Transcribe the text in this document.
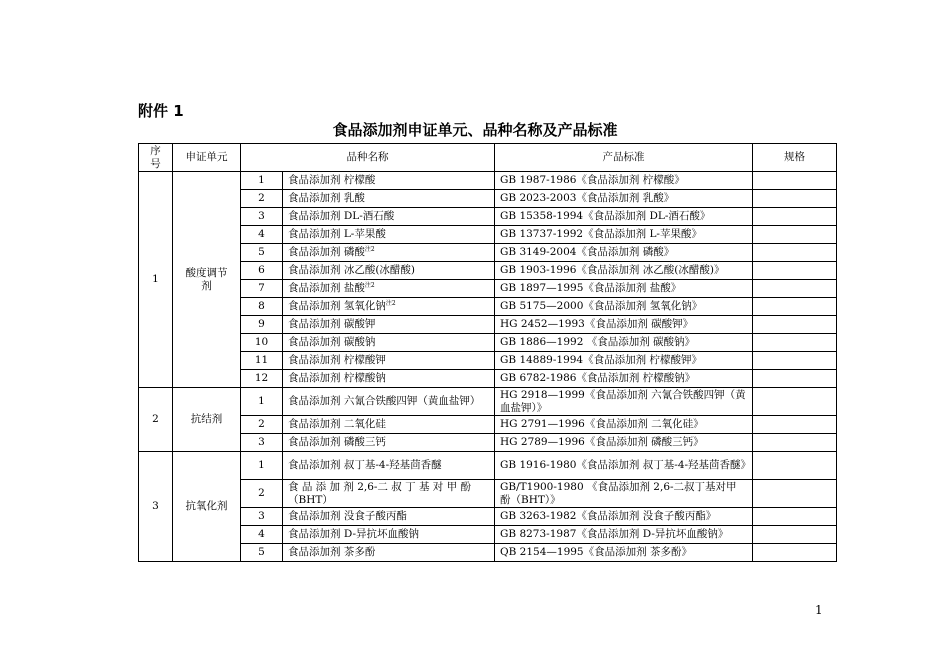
附件 1
食品添加剂申证单元、品种名称及产品标准
序号	申证单元	品种名称		产品标准	规格
1	酸度调节剂	1	食品添加剂 柠檬酸	GB 1987-1986《食品添加剂 柠檬酸》	
		2	食品添加剂 乳酸	GB 2023-2003《食品添加剂 乳酸》	
		3	食品添加剂 DL-酒石酸	GB 15358-1994《食品添加剂 DL-酒石酸》	
		4	食品添加剂 L-苹果酸	GB 13737-1992《食品添加剂 L-苹果酸》	
		5	食品添加剂 磷酸$^{注2}$	GB 3149-2004《食品添加剂 磷酸》	
		6	食品添加剂 冰乙酸(冰醋酸)	GB 1903-1996《食品添加剂 冰乙酸(冰醋酸)》	
		7	食品添加剂 盐酸$^{注2}$	GB 1897—1995《食品添加剂 盐酸》	
		8	食品添加剂 氢氧化钠$^{注2}$	GB 5175—2000《食品添加剂 氢氧化钠》	
		9	食品添加剂 碳酸钾	HG 2452—1993《食品添加剂 碳酸钾》	
		10	食品添加剂 碳酸钠	GB 1886—1992 《食品添加剂 碳酸钠》	
		11	食品添加剂 柠檬酸钾	GB 14889-1994《食品添加剂 柠檬酸钾》	
		12	食品添加剂 柠檬酸钠	GB 6782-1986《食品添加剂 柠檬酸钠》	
2	抗结剂	1	食品添加剂 六氰合铁酸四钾（黄血盐钾）	HG 2918—1999《食品添加剂 六氰合铁酸四钾（黄血盐钾）》	
		2	食品添加剂 二氧化硅	HG 2791—1996《食品添加剂 二氧化硅》	
		3	食品添加剂 磷酸三钙	HG 2789—1996《食品添加剂 磷酸三钙》	
3	抗氧化剂	1	食品添加剂 叔丁基-4-羟基茴香醚	GB 1916-1980《食品添加剂 叔丁基-4-羟基茴香醚》	
		2	食 品 添 加 剂 2,6-二 叔 丁 基 对 甲 酚（BHT）	GB/T1900-1980 《食品添加剂 2,6-二叔丁基对甲酚（BHT）》	
		3	食品添加剂 没食子酸丙酯	GB 3263-1982《食品添加剂 没食子酸丙酯》	
		4	食品添加剂 D-异抗坏血酸钠	GB 8273-1987《食品添加剂 D-异抗坏血酸钠》	
		5	食品添加剂 茶多酚	QB 2154—1995《食品添加剂 茶多酚》	
1
